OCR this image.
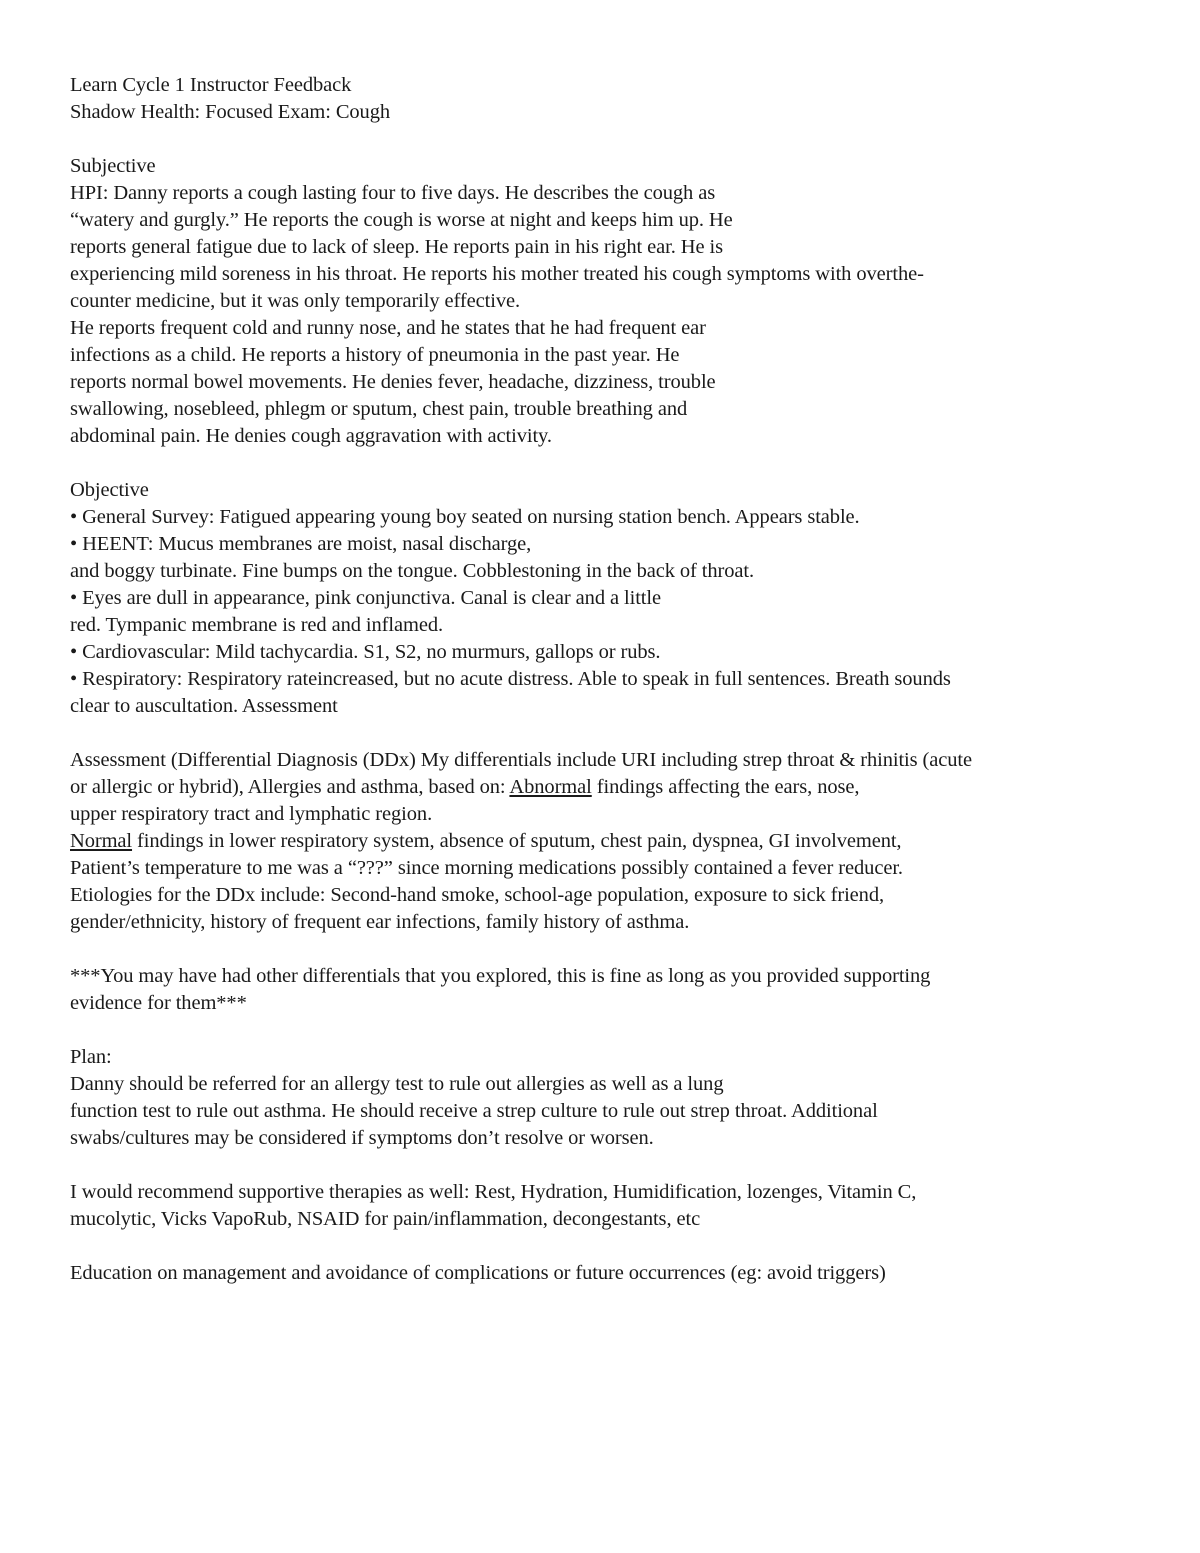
Learn Cycle 1 Instructor Feedback
Shadow Health: Focused Exam: Cough
Subjective
HPI: Danny reports a cough lasting four to five days. He describes the cough as
“watery and gurgly.” He reports the cough is worse at night and keeps him up. He
reports general fatigue due to lack of sleep. He reports pain in his right ear. He is
experiencing mild soreness in his throat. He reports his mother treated his cough symptoms with overthe-
counter medicine, but it was only temporarily effective.
He reports frequent cold and runny nose, and he states that he had frequent ear
infections as a child. He reports a history of pneumonia in the past year. He
reports normal bowel movements. He denies fever, headache, dizziness, trouble
swallowing, nosebleed, phlegm or sputum, chest pain, trouble breathing and
abdominal pain. He denies cough aggravation with activity.
Objective
• General Survey: Fatigued appearing young boy seated on nursing station bench. Appears stable.
• HEENT: Mucus membranes are moist, nasal discharge,
and boggy turbinate. Fine bumps on the tongue. Cobblestoning in the back of throat.
• Eyes are dull in appearance, pink conjunctiva. Canal is clear and a little
red. Tympanic membrane is red and inflamed.
• Cardiovascular: Mild tachycardia. S1, S2, no murmurs, gallops or rubs.
• Respiratory: Respiratory rateincreased, but no acute distress. Able to speak in full sentences. Breath sounds
clear to auscultation. Assessment
Assessment (Differential Diagnosis (DDx) My differentials include URI including strep throat & rhinitis (acute
or allergic or hybrid), Allergies and asthma, based on: Abnormal findings affecting the ears, nose,
upper respiratory tract and lymphatic region.
Normal findings in lower respiratory system, absence of sputum, chest pain, dyspnea, GI involvement,
Patient’s temperature to me was a “???” since morning medications possibly contained a fever reducer.
Etiologies for the DDx include: Second-hand smoke, school-age population, exposure to sick friend,
gender/ethnicity, history of frequent ear infections, family history of asthma.
***You may have had other differentials that you explored, this is fine as long as you provided supporting
evidence for them***
Plan:
Danny should be referred for an allergy test to rule out allergies as well as a lung
function test to rule out asthma. He should receive a strep culture to rule out strep throat. Additional
swabs/cultures may be considered if symptoms don’t resolve or worsen.
I would recommend supportive therapies as well: Rest, Hydration, Humidification, lozenges, Vitamin C,
mucolytic, Vicks VapoRub, NSAID for pain/inflammation, decongestants, etc
Education on management and avoidance of complications or future occurrences (eg: avoid triggers)
